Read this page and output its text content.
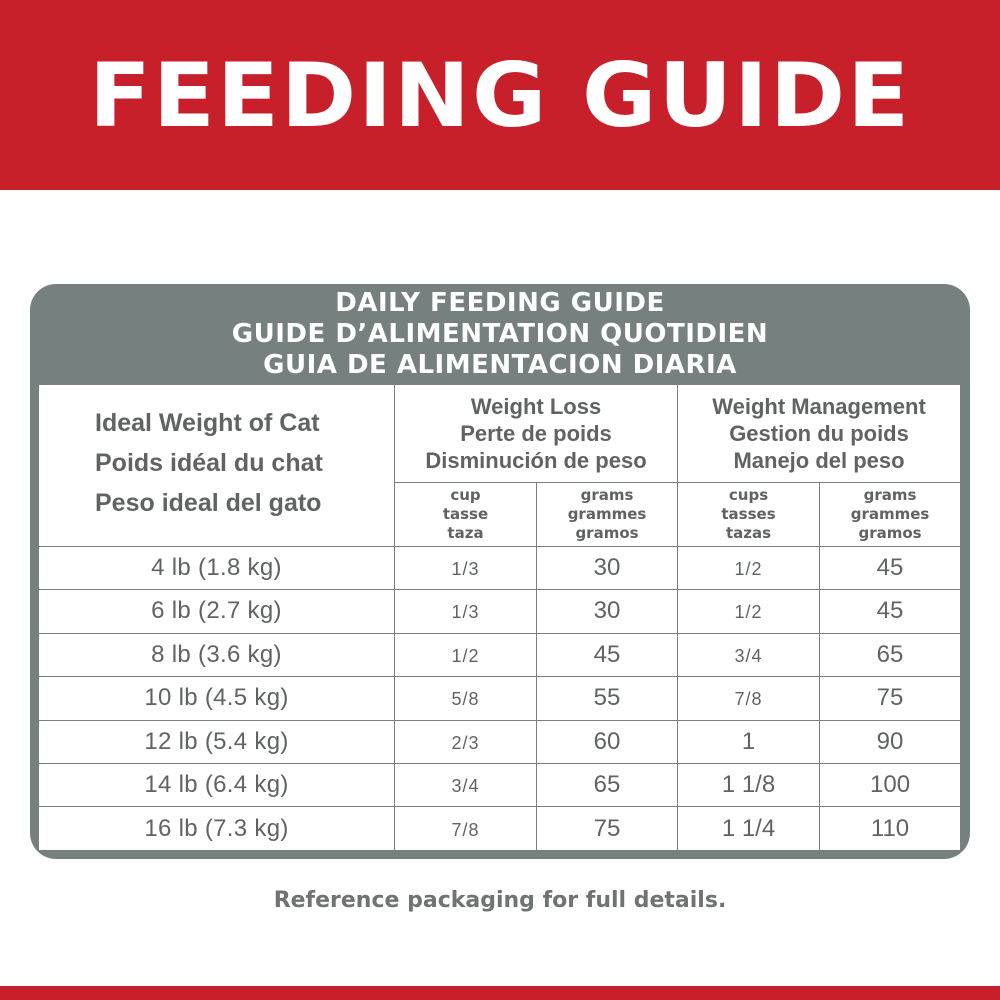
FEEDING GUIDE
DAILY FEEDING GUIDE
GUIDE D’ALIMENTATION QUOTIDIEN
GUIA DE ALIMENTACION DIARIA
Ideal Weight of Cat
Poids idéal du chat
Peso ideal del gato	Weight Loss
Perte de poids
Disminución de peso		Weight Management
Gestion du poids
Manejo del peso	

	cup
tasse
taza	grams
grammes
gramos	cups
tasses
tazas	grams
grammes
gramos

4 lb (1.8 kg)	1/3	30	1/2	45
6 lb (2.7 kg)	1/3	30	1/2	45
8 lb (3.6 kg)	1/2	45	3/4	65
10 lb (4.5 kg)	5/8	55	7/8	75
12 lb (5.4 kg)	2/3	60	1	90
14 lb (6.4 kg)	3/4	65	1 1/8	100
16 lb (7.3 kg)	7/8	75	1 1/4	110
Reference packaging for full details.
